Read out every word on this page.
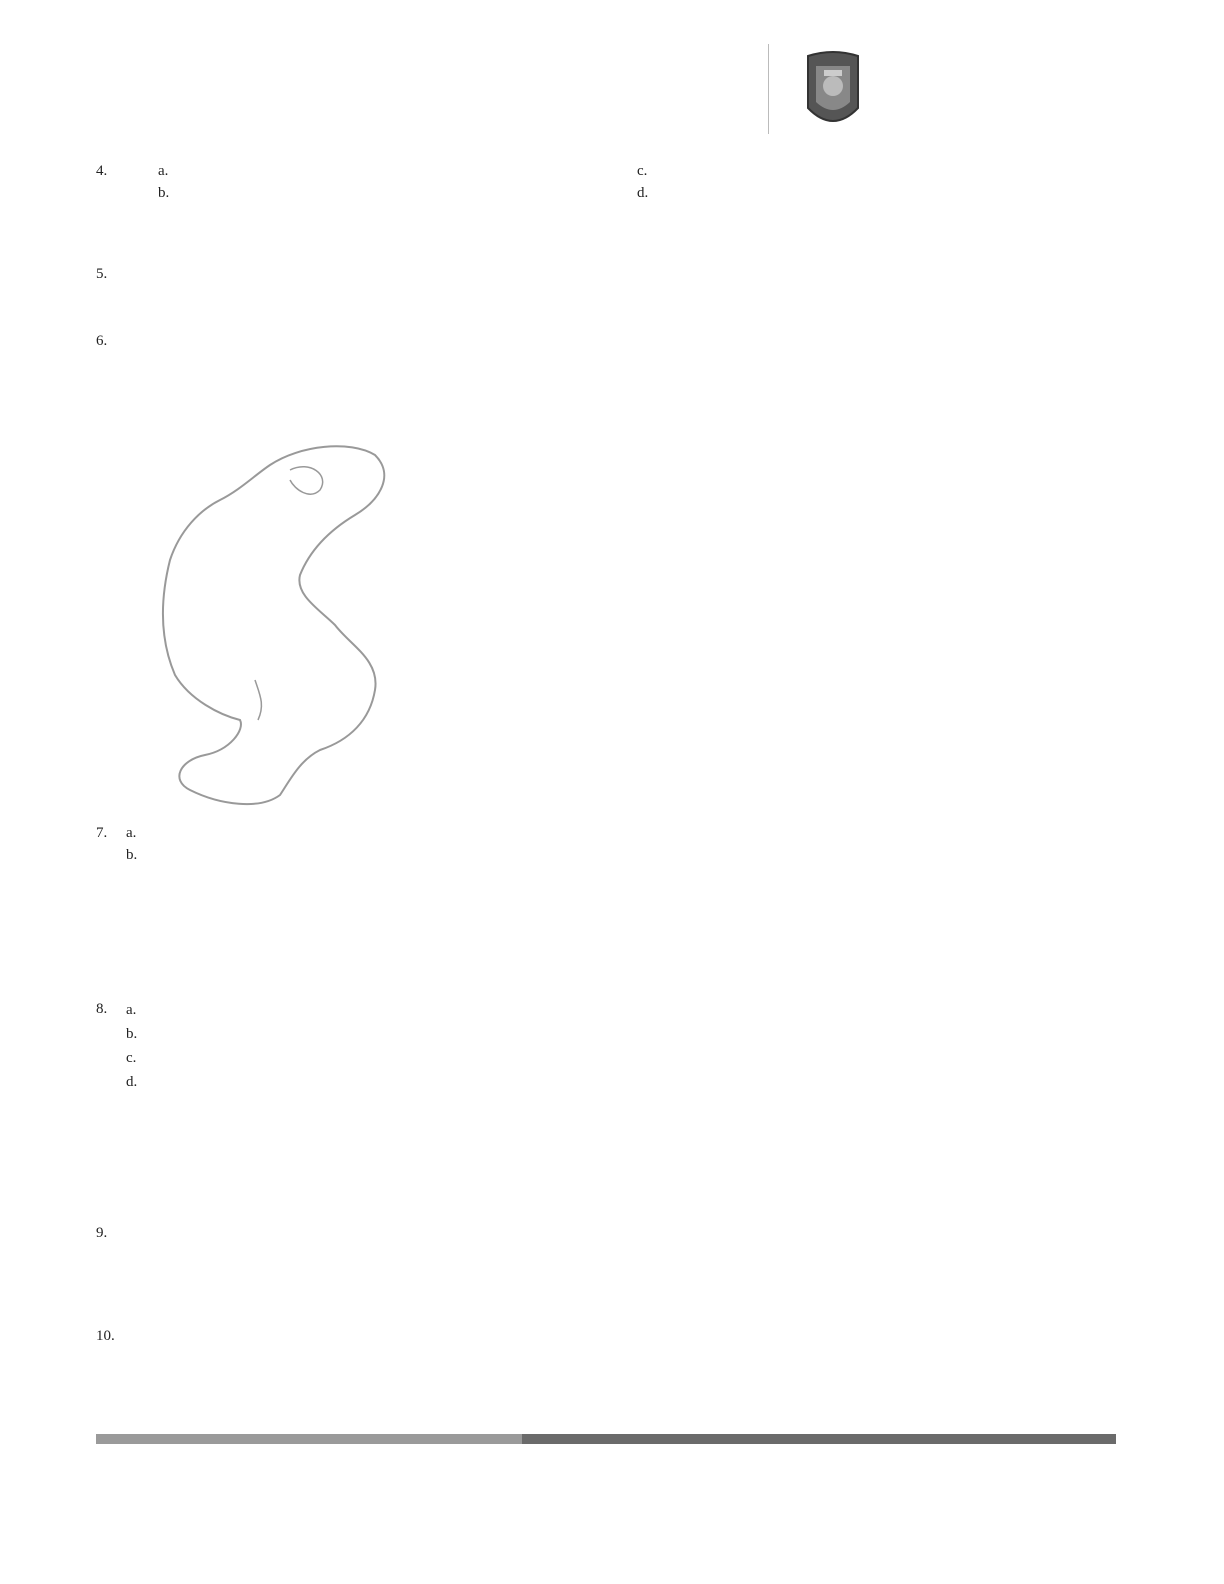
4.	a.	c.
b.	d.
5.
6.
7.	a.
b.
8.	a.
b.
c.
d.
9.
10.
